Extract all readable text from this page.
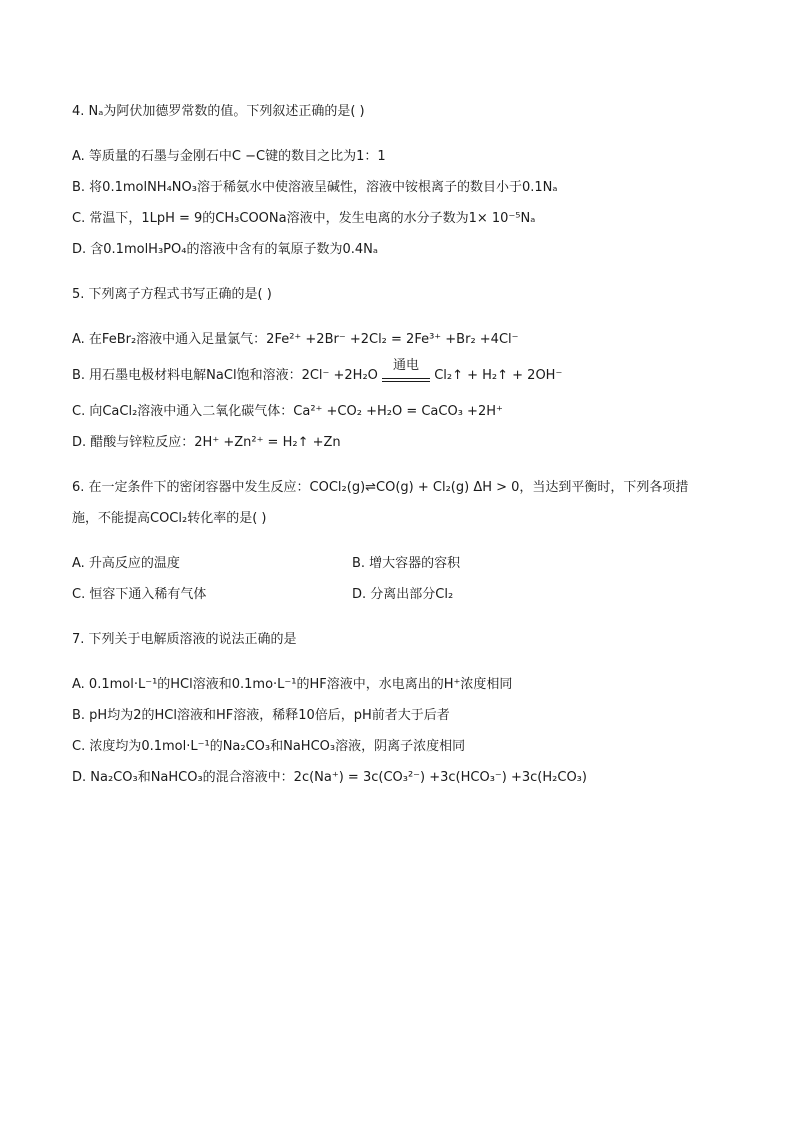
4. Nₐ为阿伏加德罗常数的值。下列叙述正确的是( )
A. 等质量的石墨与金刚石中C −C键的数目之比为1：1
B. 将0.1molNH₄NO₃溶于稀氨水中使溶液呈碱性，溶液中铵根离子的数目小于0.1Nₐ
C. 常温下，1LpH = 9的CH₃COONa溶液中，发生电离的水分子数为1× 10⁻⁵Nₐ
D. 含0.1molH₃PO₄的溶液中含有的氧原子数为0.4Nₐ
5. 下列离子方程式书写正确的是( )
A. 在FeBr₂溶液中通入足量氯气：2Fe²⁺ +2Br⁻ +2Cl₂ = 2Fe³⁺ +Br₂ +4Cl⁻
B. 用石墨电极材料电解NaCl饱和溶液：2Cl⁻ +2H₂O
通电
Cl₂↑ + H₂↑ + 2OH⁻
C. 向CaCl₂溶液中通入二氧化碳气体：Ca²⁺ +CO₂ +H₂O = CaCO₃ +2H⁺
D. 醋酸与锌粒反应：2H⁺ +Zn²⁺ = H₂↑ +Zn
6. 在一定条件下的密闭容器中发生反应：COCl₂(g)⇌CO(g) + Cl₂(g) ΔH > 0，当达到平衡时，下列各项措
施，不能提高COCl₂转化率的是( )
A. 升高反应的温度	B. 增大容器的容积
C. 恒容下通入稀有气体	D. 分离出部分Cl₂
7. 下列关于电解质溶液的说法正确的是
A. 0.1mol·L⁻¹的HCl溶液和0.1mo·L⁻¹的HF溶液中，水电离出的H⁺浓度相同
B. pH均为2的HCl溶液和HF溶液，稀释10倍后，pH前者大于后者
C. 浓度均为0.1mol·L⁻¹的Na₂CO₃和NaHCO₃溶液，阴离子浓度相同
D. Na₂CO₃和NaHCO₃的混合溶液中：2c(Na⁺) = 3c(CO₃²⁻) +3c(HCO₃⁻) +3c(H₂CO₃)
